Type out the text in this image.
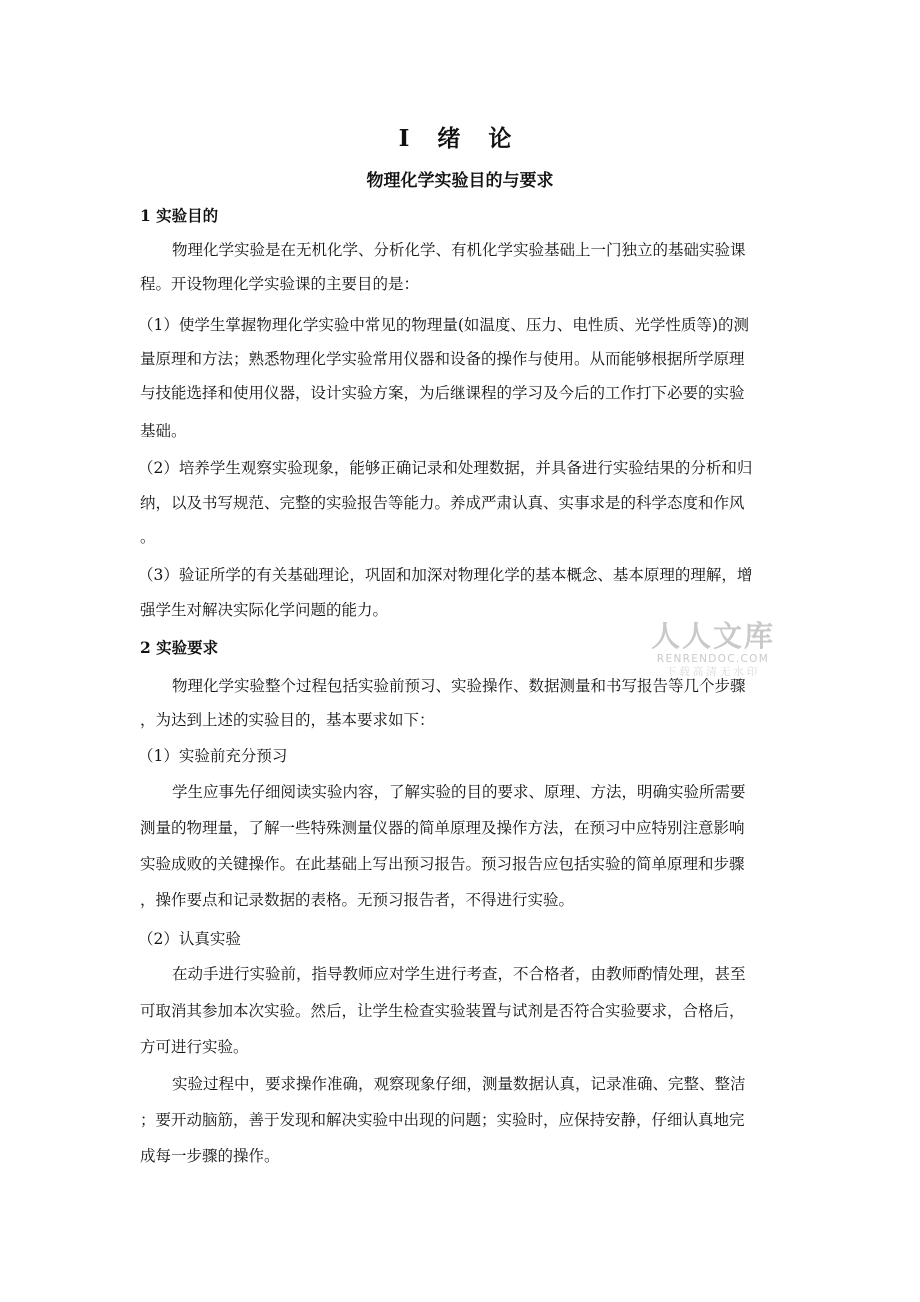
Ⅰ 绪 论
物理化学实验目的与要求
1 实验目的
物理化学实验是在无机化学、分析化学、有机化学实验基础上一门独立的基础实验课
程。开设物理化学实验课的主要目的是：
（1）使学生掌握物理化学实验中常见的物理量(如温度、压力、电性质、光学性质等)的测
量原理和方法；熟悉物理化学实验常用仪器和设备的操作与使用。从而能够根据所学原理
与技能选择和使用仪器，设计实验方案，为后继课程的学习及今后的工作打下必要的实验
基础。
（2）培养学生观察实验现象，能够正确记录和处理数据，并具备进行实验结果的分析和归
纳，以及书写规范、完整的实验报告等能力。养成严肃认真、实事求是的科学态度和作风
。
（3）验证所学的有关基础理论，巩固和加深对物理化学的基本概念、基本原理的理解，增
强学生对解决实际化学问题的能力。
2 实验要求
物理化学实验整个过程包括实验前预习、实验操作、数据测量和书写报告等几个步骤
，为达到上述的实验目的，基本要求如下：
（1）实验前充分预习
学生应事先仔细阅读实验内容，了解实验的目的要求、原理、方法，明确实验所需要
测量的物理量，了解一些特殊测量仪器的简单原理及操作方法，在预习中应特别注意影响
实验成败的关键操作。在此基础上写出预习报告。预习报告应包括实验的简单原理和步骤
，操作要点和记录数据的表格。无预习报告者，不得进行实验。
（2）认真实验
在动手进行实验前，指导教师应对学生进行考查，不合格者，由教师酌情处理，甚至
可取消其参加本次实验。然后，让学生检查实验装置与试剂是否符合实验要求，合格后，
方可进行实验。
实验过程中，要求操作准确，观察现象仔细，测量数据认真，记录准确、完整、整洁
；要开动脑筋，善于发现和解决实验中出现的问题；实验时，应保持安静，仔细认真地完
成每一步骤的操作。
人人文库
RENRENDOC.COM
下载高清无水印
